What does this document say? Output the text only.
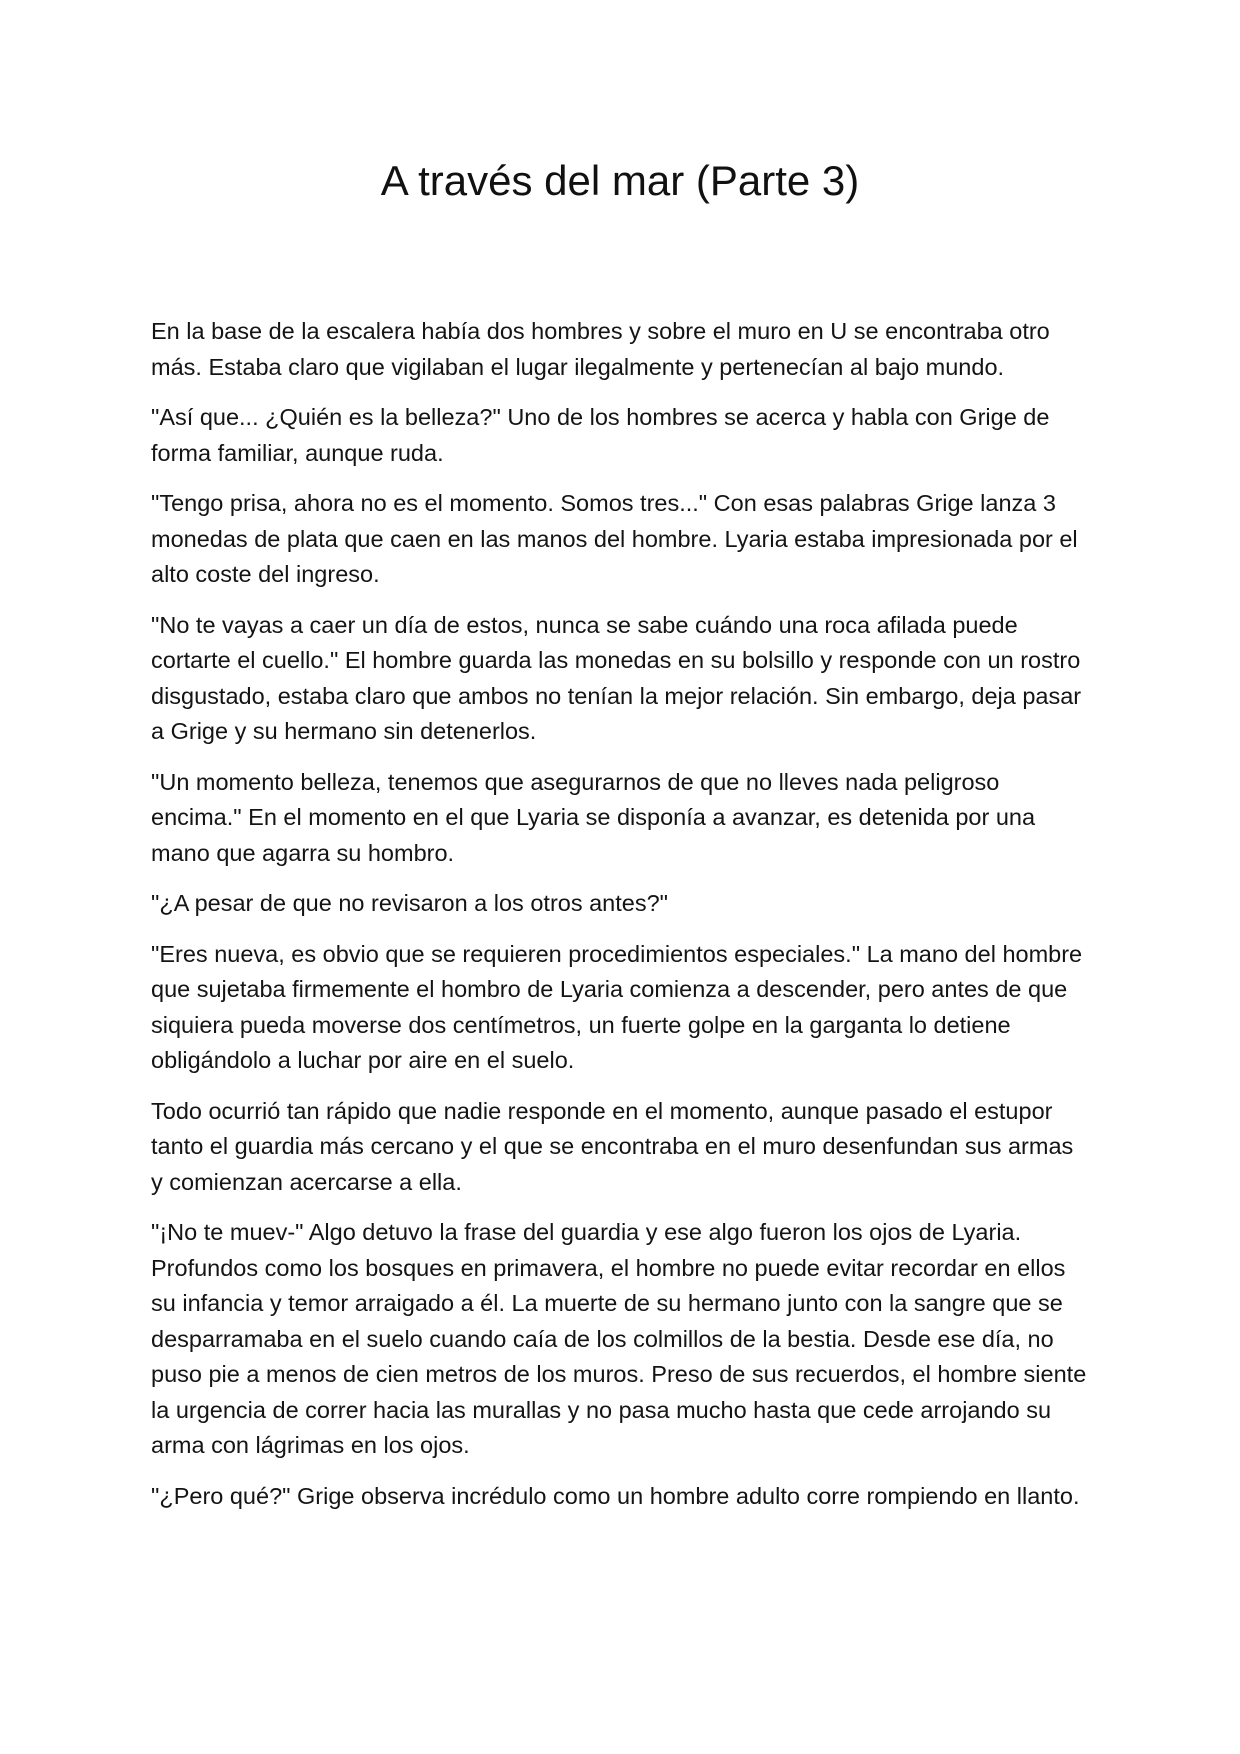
A través del mar (Parte 3)

En la base de la escalera había dos hombres y sobre el muro en U se encontraba otro más. Estaba claro que vigilaban el lugar ilegalmente y pertenecían al bajo mundo.

"Así que... ¿Quién es la belleza?" Uno de los hombres se acerca y habla con Grige de forma familiar, aunque ruda.

"Tengo prisa, ahora no es el momento. Somos tres..." Con esas palabras Grige lanza 3 monedas de plata que caen en las manos del hombre. Lyaria estaba impresionada por el alto coste del ingreso.

"No te vayas a caer un día de estos, nunca se sabe cuándo una roca afilada puede cortarte el cuello." El hombre guarda las monedas en su bolsillo y responde con un rostro disgustado, estaba claro que ambos no tenían la mejor relación. Sin embargo, deja pasar a Grige y su hermano sin detenerlos.

"Un momento belleza, tenemos que asegurarnos de que no lleves nada peligroso encima." En el momento en el que Lyaria se disponía a avanzar, es detenida por una mano que agarra su hombro.

"¿A pesar de que no revisaron a los otros antes?"

"Eres nueva, es obvio que se requieren procedimientos especiales." La mano del hombre que sujetaba firmemente el hombro de Lyaria comienza a descender, pero antes de que siquiera pueda moverse dos centímetros, un fuerte golpe en la garganta lo detiene obligándolo a luchar por aire en el suelo.

Todo ocurrió tan rápido que nadie responde en el momento, aunque pasado el estupor tanto el guardia más cercano y el que se encontraba en el muro desenfundan sus armas y comienzan acercarse a ella.

"¡No te muev-" Algo detuvo la frase del guardia y ese algo fueron los ojos de Lyaria. Profundos como los bosques en primavera, el hombre no puede evitar recordar en ellos su infancia y temor arraigado a él. La muerte de su hermano junto con la sangre que se desparramaba en el suelo cuando caía de los colmillos de la bestia. Desde ese día, no puso pie a menos de cien metros de los muros. Preso de sus recuerdos, el hombre siente la urgencia de correr hacia las murallas y no pasa mucho hasta que cede arrojando su arma con lágrimas en los ojos.

"¿Pero qué?" Grige observa incrédulo como un hombre adulto corre rompiendo en llanto.
